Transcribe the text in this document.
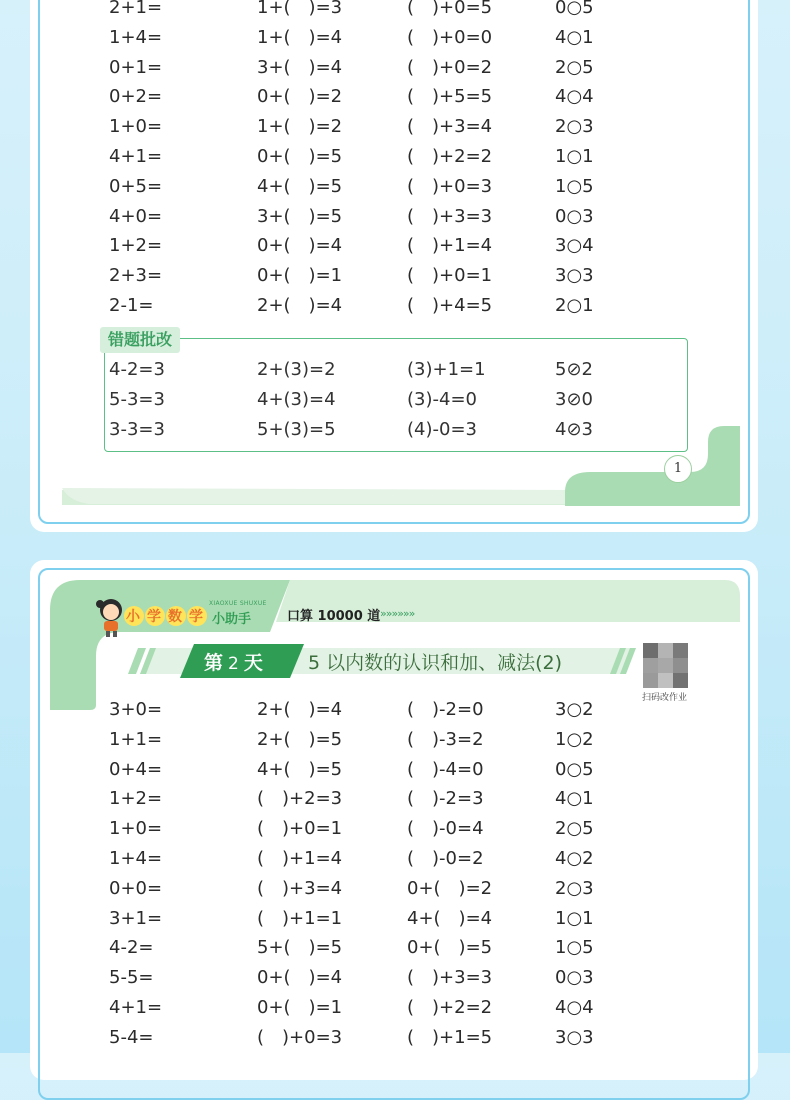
2+1=	1+(　)=3	(　)+0=5	0○5
1+4=	1+(　)=4	(　)+0=0	4○1
0+1=	3+(　)=4	(　)+0=2	2○5
0+2=	0+(　)=2	(　)+5=5	4○4
1+0=	1+(　)=2	(　)+3=4	2○3
4+1=	0+(　)=5	(　)+2=2	1○1
0+5=	4+(　)=5	(　)+0=3	1○5
4+0=	3+(　)=5	(　)+3=3	0○3
1+2=	0+(　)=4	(　)+1=4	3○4
2+3=	0+(　)=1	(　)+0=1	3○3
2-1=	2+(　)=4	(　)+4=5	2○1
错题批改
4-2=3	2+(3)=2	(3)+1=1	5⊘2
5-3=3	4+(3)=4	(3)-4=0	3⊘0
3-3=3	5+(3)=5	(4)-0=3	4⊘3
1
XIAOXUE SHUXUE
小学数学 小助手	口算 10000 道 »»»»»»
第 2 天 5 以内数的认识和加、减法(2)
扫码改作业
3+0=	2+(　)=4	(　)-2=0	3○2
1+1=	2+(　)=5	(　)-3=2	1○2
0+4=	4+(　)=5	(　)-4=0	0○5
1+2=	(　)+2=3	(　)-2=3	4○1
1+0=	(　)+0=1	(　)-0=4	2○5
1+4=	(　)+1=4	(　)-0=2	4○2
0+0=	(　)+3=4	0+(　)=2	2○3
3+1=	(　)+1=1	4+(　)=4	1○1
4-2=	5+(　)=5	0+(　)=5	1○5
5-5=	0+(　)=4	(　)+3=3	0○3
4+1=	0+(　)=1	(　)+2=2	4○4
5-4=	(　)+0=3	(　)+1=5	3○3
